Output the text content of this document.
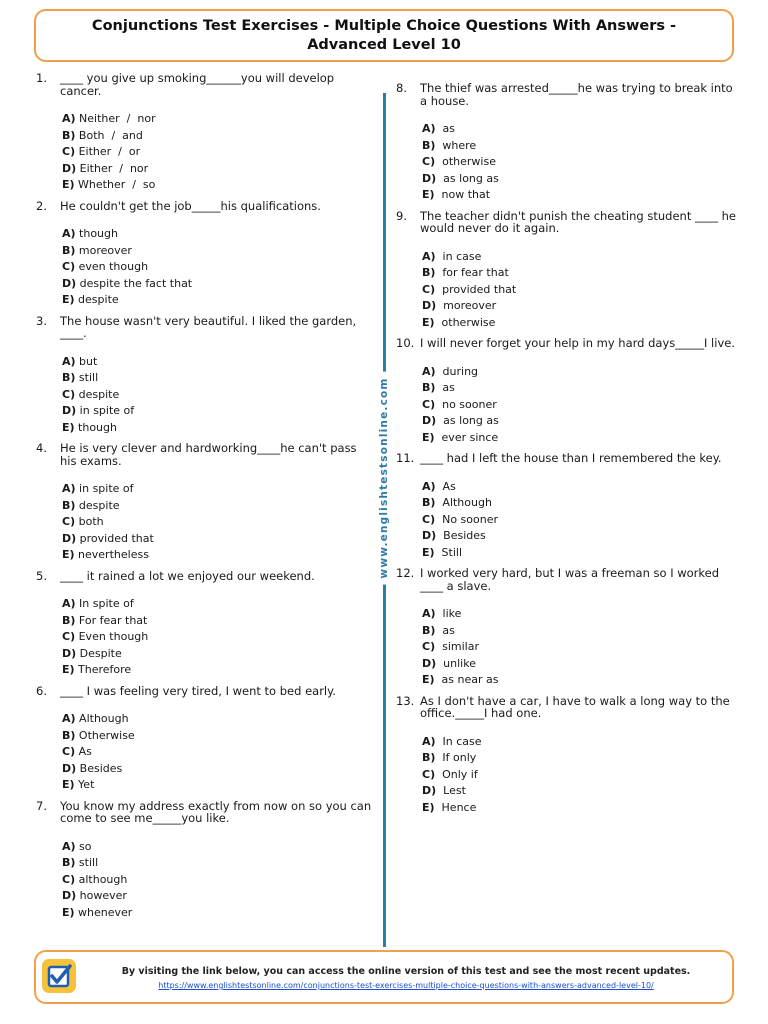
Conjunctions Test Exercises - Multiple Choice Questions With Answers -
Advanced Level 10
1.	____ you give up smoking______you will develop cancer.
A) Neither  /  nor
B) Both  /  and
C) Either  /  or
D) Either  /  nor
E) Whether  /  so
2.	He couldn't get the job_____his qualifications.
A) though
B) moreover
C) even though
D) despite the fact that
E) despite
3.	The house wasn't very beautiful. I liked the garden, ____.
A) but
B) still
C) despite
D) in spite of
E) though
4.	He is very clever and hardworking____he can't pass his exams.
A) in spite of
B) despite
C) both
D) provided that
E) nevertheless
5.	____ it rained a lot we enjoyed our weekend.
A) In spite of
B) For fear that
C) Even though
D) Despite
E) Therefore
6.	____ I was feeling very tired, I went to bed early.
A) Although
B) Otherwise
C) As
D) Besides
E) Yet
7.	You know my address exactly from now on so you can come to see me_____you like.
A) so
B) still
C) although
D) however
E) whenever
8.	The thief was arrested_____he was trying to break into a house.
A)  as
B)  where
C)  otherwise
D)  as long as
E)  now that
9.	The teacher didn't punish the cheating student ____ he would never do it again.
A)  in case
B)  for fear that
C)  provided that
D)  moreover
E)  otherwise
10. I will never forget your help in my hard days_____I live.
A)  during
B)  as
C)  no sooner
D)  as long as
E)  ever since
11. ____ had I left the house than I remembered the key.
A)  As
B)  Although
C)  No sooner
D)  Besides
E)  Still
12. I worked very hard, but I was a freeman so I worked ____ a slave.
A)  like
B)  as
C)  similar
D)  unlike
E)  as near as
13. As I don't have a car, I have to walk a long way to the office._____I had one.
A)  In case
B)  If only
C)  Only if
D)  Lest
E)  Hence
www.englishtestsonline.com
By visiting the link below, you can access the online version of this test and see the most recent updates.
https://www.englishtestsonline.com/conjunctions-test-exercises-multiple-choice-questions-with-answers-advanced-level-10/
